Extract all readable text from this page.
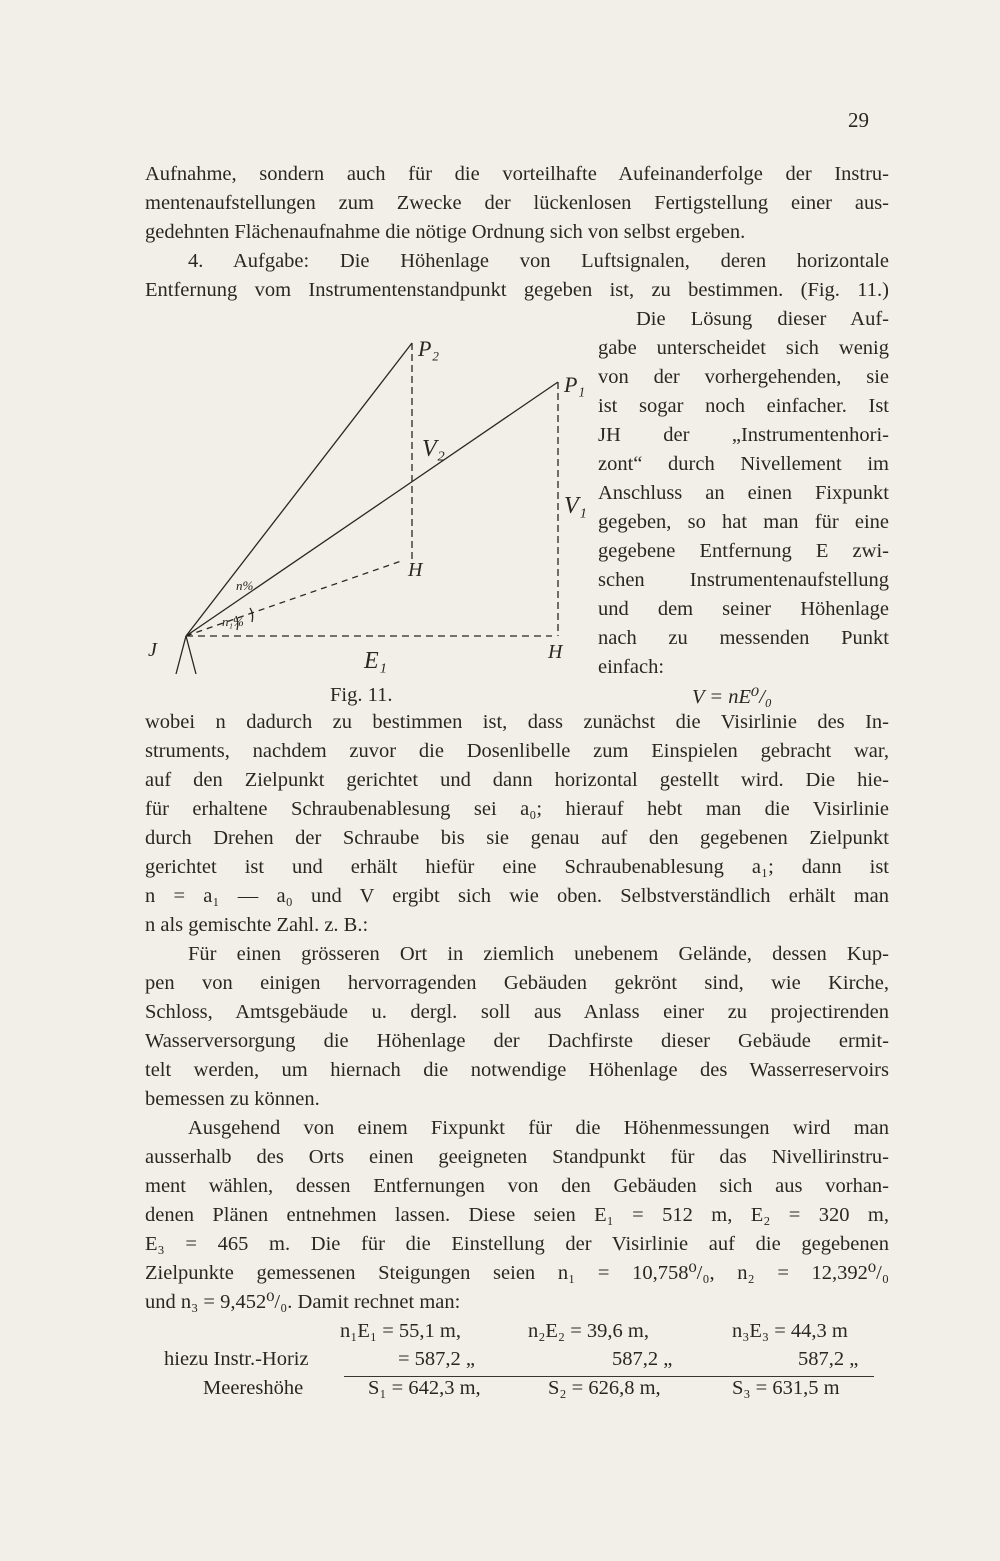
29
Aufnahme, sondern auch für die vorteilhafte Aufeinanderfolge der Instru-
mentenaufstellungen zum Zwecke der lückenlosen Fertigstellung einer aus-
gedehnten Flächenaufnahme die nötige Ordnung sich von selbst ergeben.
4. Aufgabe: Die Höhenlage von Luftsignalen, deren horizontale
Entfernung vom Instrumentenstandpunkt gegeben ist, zu bestimmen. (Fig. 11.)
Die Lösung dieser Auf-
gabe unterscheidet sich wenig
von der vorhergehenden, sie
ist sogar noch einfacher. Ist
JH der „Instrumentenhori-
zont“ durch Nivellement im
Anschluss an einen Fixpunkt
gegeben, so hat man für eine
gegebene Entfernung E zwi-
schen Instrumentenaufstellung
und dem seiner Höhenlage
nach zu messenden Punkt
einfach:
P₂
P₁
V₂
V₁
H
H
J	E₁
n%
n₁%
Fig. 11.	V = nE⁰/₀
wobei n dadurch zu bestimmen ist, dass zunächst die Visirlinie des In-
struments, nachdem zuvor die Dosenlibelle zum Einspielen gebracht war,
auf den Zielpunkt gerichtet und dann horizontal gestellt wird. Die hie-
für erhaltene Schraubenablesung sei a₀; hierauf hebt man die Visirlinie
durch Drehen der Schraube bis sie genau auf den gegebenen Zielpunkt
gerichtet ist und erhält hiefür eine Schraubenablesung a₁; dann ist
n = a₁ — a₀ und V ergibt sich wie oben. Selbstverständlich erhält man
n als gemischte Zahl. z. B.:
Für einen grösseren Ort in ziemlich unebenem Gelände, dessen Kup-
pen von einigen hervorragenden Gebäuden gekrönt sind, wie Kirche,
Schloss, Amtsgebäude u. dergl. soll aus Anlass einer zu projectirenden
Wasserversorgung die Höhenlage der Dachfirste dieser Gebäude ermit-
telt werden, um hiernach die notwendige Höhenlage des Wasserreservoirs
bemessen zu können.
Ausgehend von einem Fixpunkt für die Höhenmessungen wird man
ausserhalb des Orts einen geeigneten Standpunkt für das Nivellirinstru-
ment wählen, dessen Entfernungen von den Gebäuden sich aus vorhan-
denen Plänen entnehmen lassen. Diese seien E₁ = 512 m, E₂ = 320 m,
E₃ = 465 m. Die für die Einstellung der Visirlinie auf die gegebenen
Zielpunkte gemessenen Steigungen seien n₁ = 10,758⁰/₀, n₂ = 12,392⁰/₀
und n₃ = 9,452⁰/₀. Damit rechnet man:
n₁E₁ = 55,1 m,	n₂E₂ = 39,6 m,	n₃E₃ = 44,3 m
hiezu Instr.-Horiz	= 587,2 „	587,2 „	587,2 „
Meereshöhe	S₁ = 642,3 m,	S₂ = 626,8 m,	S₃ = 631,5 m
